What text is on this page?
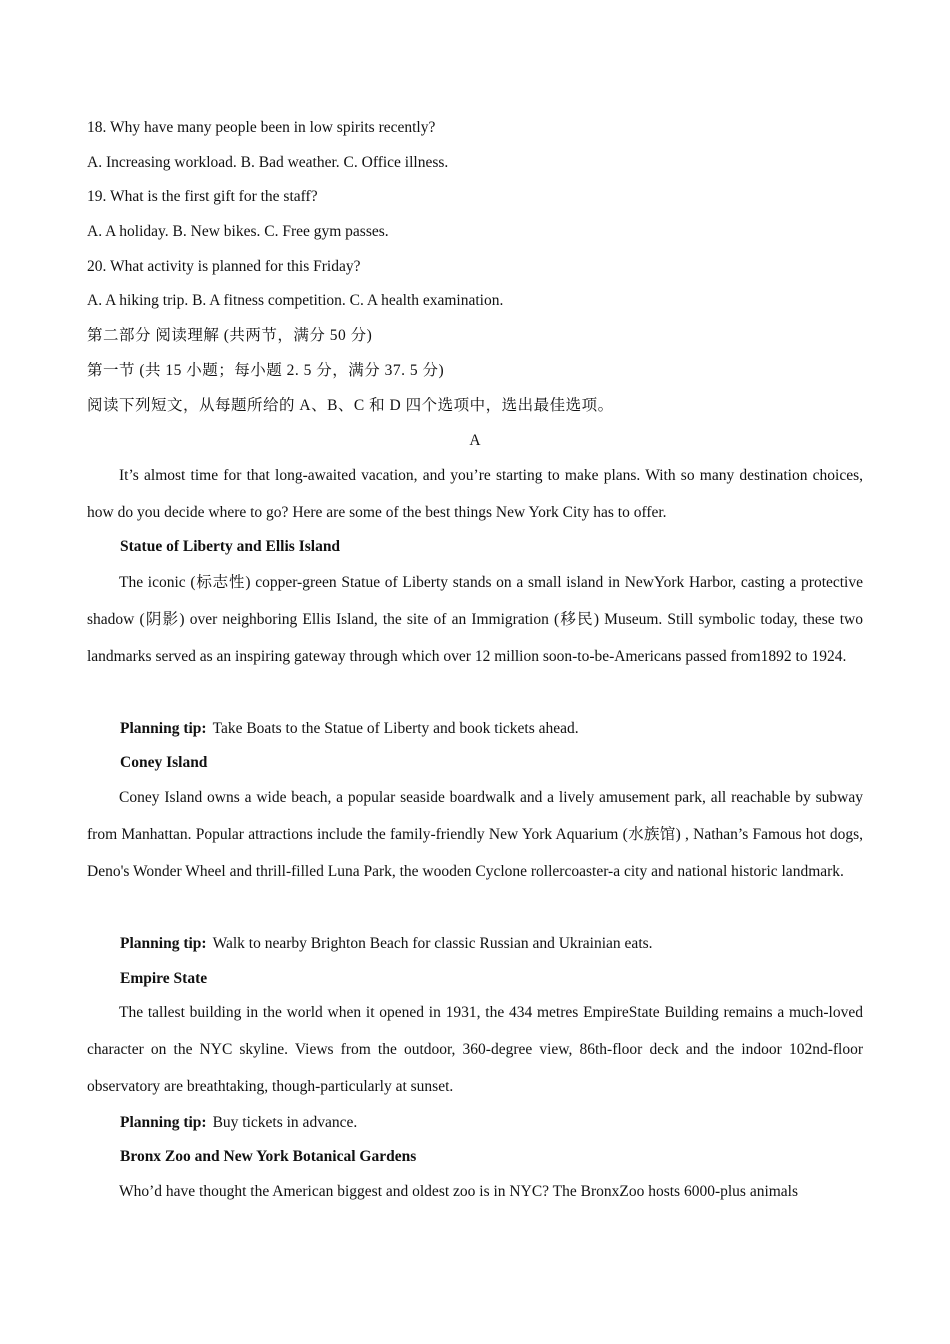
18. Why have many people been in low spirits recently?
A. Increasing workload. B. Bad weather. C. Office illness.
19. What is the first gift for the staff?
A. A holiday. B. New bikes. C. Free gym passes.
20. What activity is planned for this Friday?
A. A hiking trip. B. A fitness competition. C. A health examination.
第二部分 阅读理解 (共两节，满分 50 分)
第一节 (共 15 小题；每小题 2. 5 分，满分 37. 5 分)
阅读下列短文，从每题所给的 A、B、C 和 D 四个选项中，选出最佳选项。
A
It’s almost time for that long-awaited vacation, and you’re starting to make plans. With so many destination choices, how do you decide where to go? Here are some of the best things New York City has to offer.
Statue of Liberty and Ellis Island
The iconic (标志性) copper-green Statue of Liberty stands on a small island in NewYork Harbor, casting a protective shadow (阴影) over neighboring Ellis Island, the site of an Immigration (移民) Museum. Still symbolic today, these two landmarks served as an inspiring gateway through which over 12 million soon-to-be-Americans passed from1892 to 1924.
Planning tip: Take Boats to the Statue of Liberty and book tickets ahead.
Coney Island
Coney Island owns a wide beach, a popular seaside boardwalk and a lively amusement park, all reachable by subway from Manhattan. Popular attractions include the family-friendly New York Aquarium (水族馆) , Nathan’s Famous hot dogs, Deno's Wonder Wheel and thrill-filled Luna Park, the wooden Cyclone rollercoaster-a city and national historic landmark.
Planning tip: Walk to nearby Brighton Beach for classic Russian and Ukrainian eats.
Empire State
The tallest building in the world when it opened in 1931, the 434 metres EmpireState Building remains a much-loved character on the NYC skyline. Views from the outdoor, 360-degree view, 86th-floor deck and the indoor 102nd-floor observatory are breathtaking, though-particularly at sunset.
Planning tip: Buy tickets in advance.
Bronx Zoo and New York Botanical Gardens
Who’d have thought the American biggest and oldest zoo is in NYC? The BronxZoo hosts 6000-plus animals
